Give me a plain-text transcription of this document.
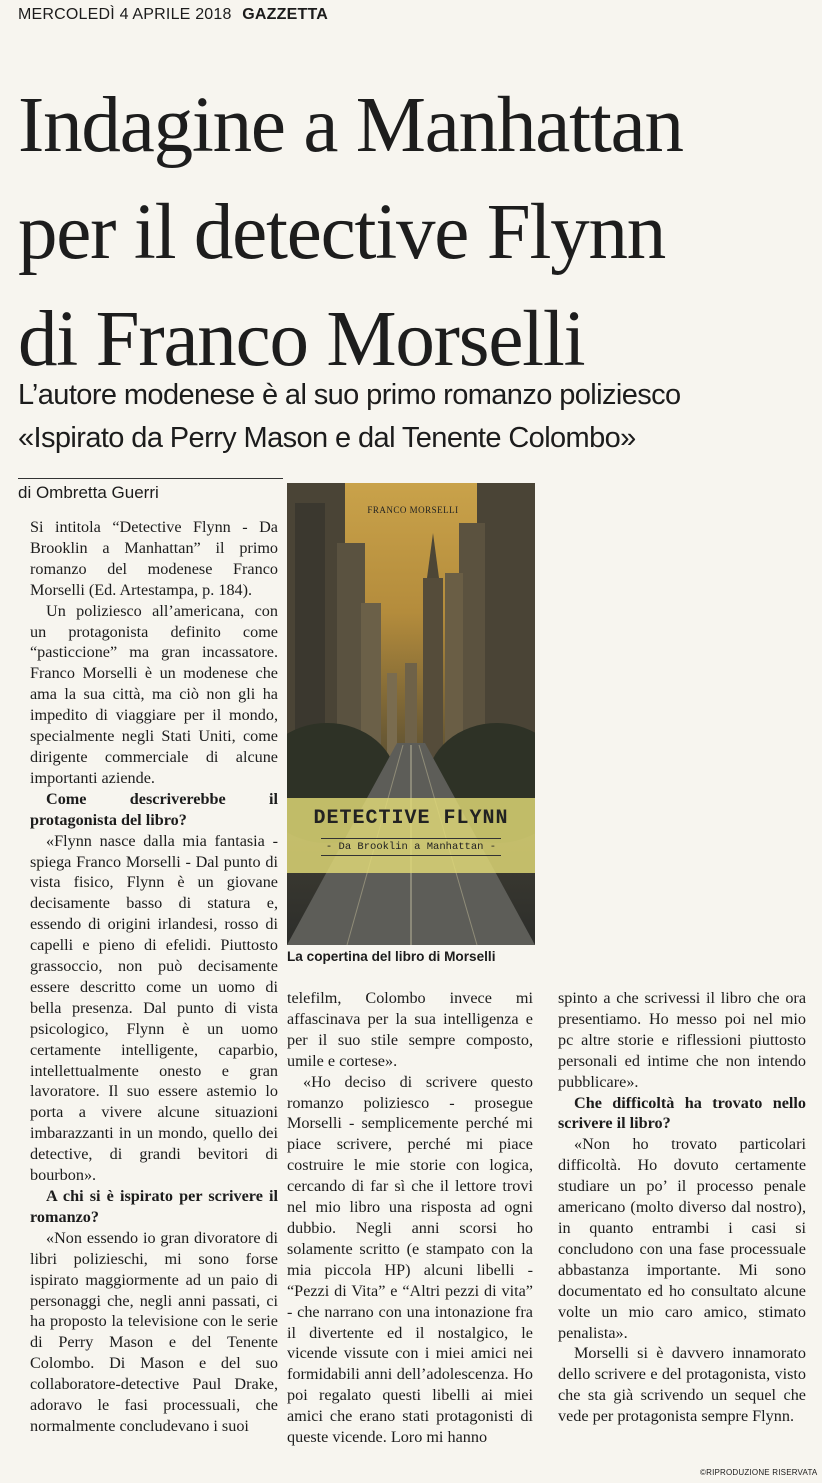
MERCOLEDÌ 4 APRILE 2018 GAZZETTA
Indagine a Manhattan
per il detective Flynn
di Franco Morselli
L’autore modenese è al suo primo romanzo poliziesco
«Ispirato da Perry Mason e dal Tenente Colombo»
di Ombretta Guerri

Si intitola “Detective Flynn - Da Brooklin a Manhattan” il primo romanzo del modenese Franco Morselli (Ed. Artestampa, p. 184).

Un poliziesco all’americana, con un protagonista definito come “pasticcione” ma gran incassatore. Franco Morselli è un modenese che ama la sua città, ma ciò non gli ha impedito di viaggiare per il mondo, specialmente negli Stati Uniti, come dirigente commerciale di alcune importanti aziende.

Come descriverebbe il protagonista del libro?

«Flynn nasce dalla mia fantasia - spiega Franco Morselli - Dal punto di vista fisico, Flynn è un giovane decisamente basso di statura e, essendo di origini irlandesi, rosso di capelli e pieno di efelidi. Piuttosto grassoccio, non può decisamente essere descritto come un uomo di bella presenza. Dal punto di vista psicologico, Flynn è un uomo certamente intelligente, caparbio, intellettualmente onesto e gran lavoratore. Il suo essere astemio lo porta a vivere alcune situazioni imbarazzanti in un mondo, quello dei detective, di grandi bevitori di bourbon».

A chi si è ispirato per scrivere il romanzo?

«Non essendo io gran divoratore di libri polizieschi, mi sono forse ispirato maggiormente ad un paio di personaggi che, negli anni passati, ci ha proposto la televisione con le serie di Perry Mason e del Tenente Colombo. Di Mason e del suo collaboratore-detective Paul Drake, adoravo le fasi processuali, che normalmente concludevano i suoi

FRANCO MORSELLI
DETECTIVE FLYNN
- Da Brooklin a Manhattan -
La copertina del libro di Morselli

telefilm, Colombo invece mi affascinava per la sua intelligenza e per il suo stile sempre composto, umile e cortese».

«Ho deciso di scrivere questo romanzo poliziesco - prosegue Morselli - semplicemente perché mi piace scrivere, perché mi piace costruire le mie storie con logica, cercando di far sì che il lettore trovi nel mio libro una risposta ad ogni dubbio. Negli anni scorsi ho solamente scritto (e stampato con la mia piccola HP) alcuni libelli - “Pezzi di Vita” e “Altri pezzi di vita” - che narrano con una intonazione fra il divertente ed il nostalgico, le vicende vissute con i miei amici nei formidabili anni dell’adolescenza. Ho poi regalato questi libelli ai miei amici che erano stati protagonisti di queste vicende. Loro mi hanno

spinto a che scrivessi il libro che ora presentiamo. Ho messo poi nel mio pc altre storie e riflessioni piuttosto personali ed intime che non intendo pubblicare».

Che difficoltà ha trovato nello scrivere il libro?

«Non ho trovato particolari difficoltà. Ho dovuto certamente studiare un po’ il processo penale americano (molto diverso dal nostro), in quanto entrambi i casi si concludono con una fase processuale abbastanza importante. Mi sono documentato ed ho consultato alcune volte un mio caro amico, stimato penalista».

Morselli si è davvero innamorato dello scrivere e del protagonista, visto che sta già scrivendo un sequel che vede per protagonista sempre Flynn.

©RIPRODUZIONE RISERVATA
